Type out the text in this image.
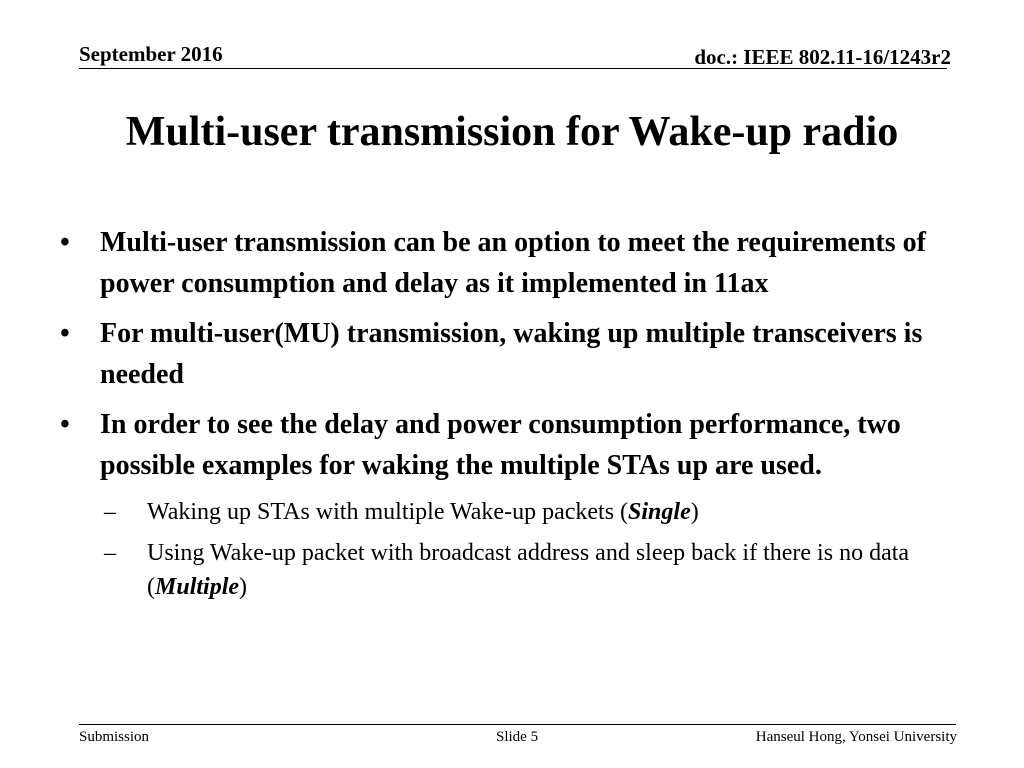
September 2016	doc.: IEEE 802.11-16/1243r2
Multi-user transmission for Wake-up radio
• Multi-user transmission can be an option to meet the requirements of power consumption and delay as it implemented in 11ax
• For multi-user(MU) transmission, waking up multiple transceivers is needed
• In order to see the delay and power consumption performance, two possible examples for waking the multiple STAs up are used.
– Waking up STAs with multiple Wake-up packets (Single)
– Using Wake-up packet with broadcast address and sleep back if there is no data (Multiple)
Submission	Slide 5	Hanseul Hong, Yonsei University
